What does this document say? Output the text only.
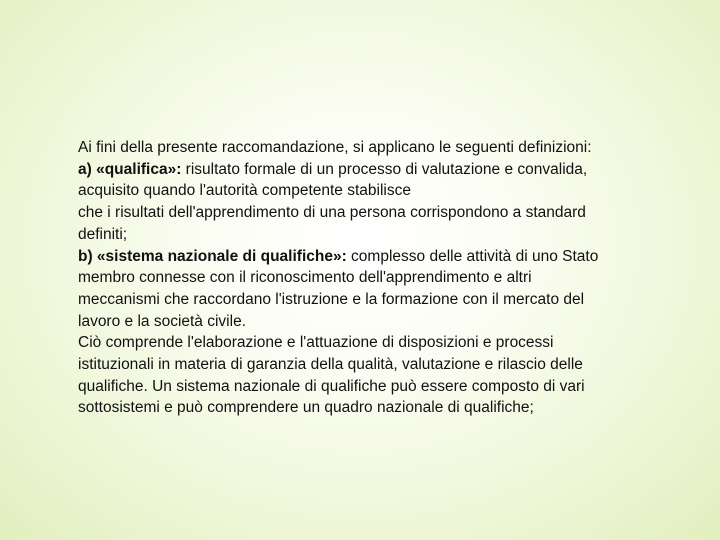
Ai fini della presente raccomandazione, si applicano le seguenti definizioni:
a) «qualifica»: risultato formale di un processo di valutazione e convalida,
acquisito quando l'autorità competente stabilisce
che i risultati dell'apprendimento di una persona corrispondono a standard
definiti;
b) «sistema nazionale di qualifiche»: complesso delle attività di uno Stato
membro connesse con il riconoscimento dell'apprendimento e altri
meccanismi che raccordano l'istruzione e la formazione con il mercato del
lavoro e la società civile.
Ciò comprende l'elaborazione e l'attuazione di disposizioni e processi
istituzionali in materia di garanzia della qualità, valutazione e rilascio delle
qualifiche. Un sistema nazionale di qualifiche può essere composto di vari
sottosistemi e può comprendere un quadro nazionale di qualifiche;
